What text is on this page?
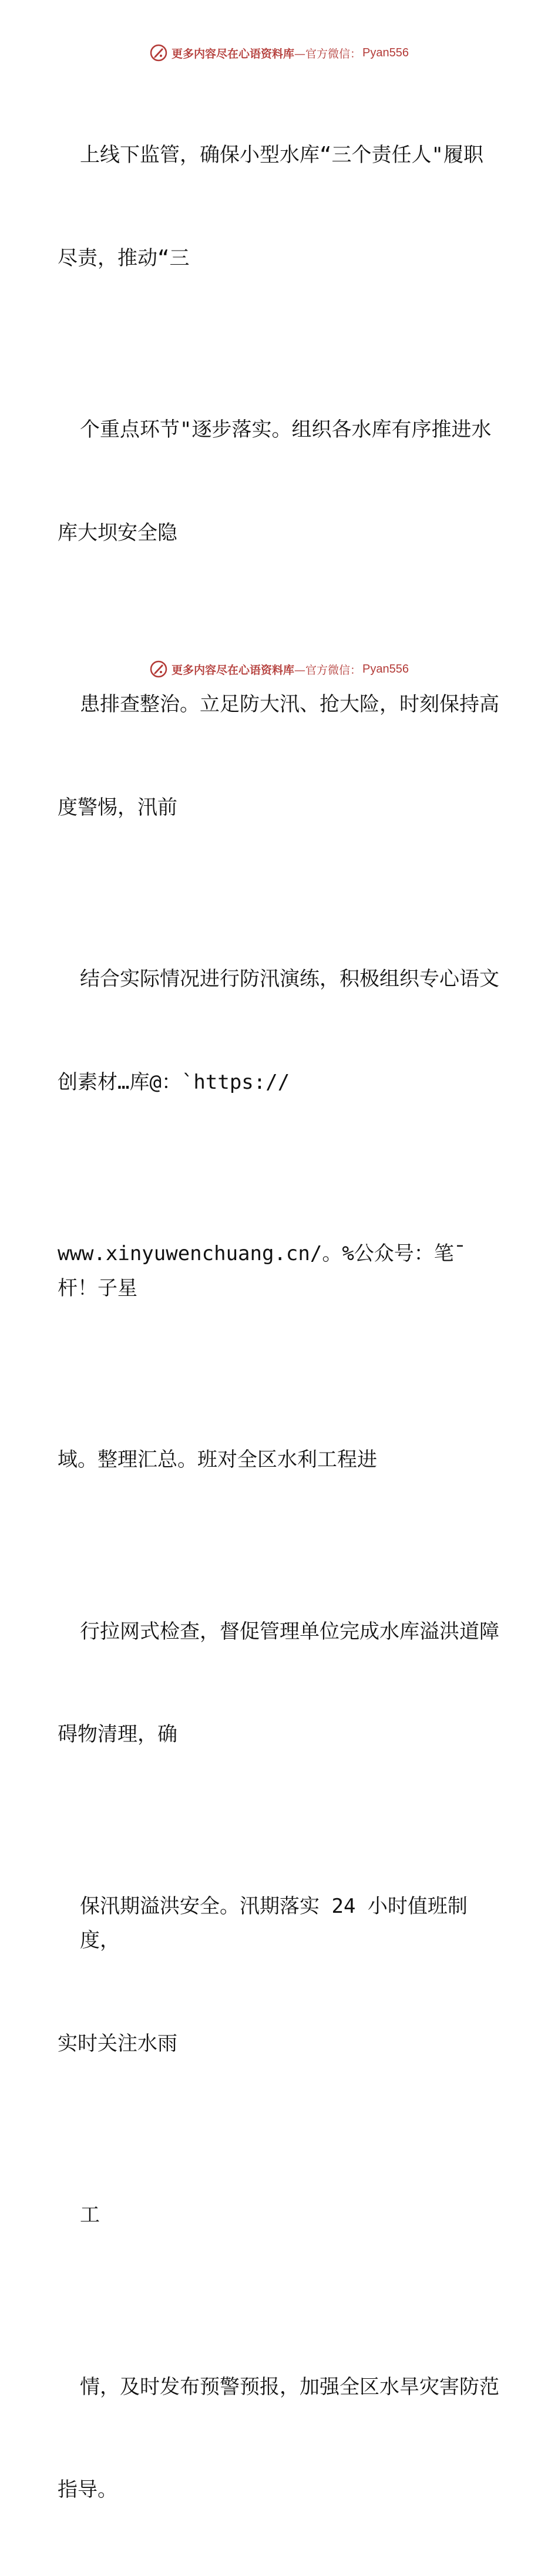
更多内容尽在心语资料库 —官方微信： Pyan556

上线下监管，确保小型水库“三个责任人"履职

尽责，推动“三

个重点环节"逐步落实。组织各水库有序推进水

库大坝安全隐

患排查整治。立足防大汛、抢大险，时刻保持高

度警惕，汛前

结合实际情况进行防汛演练，积极组织专心语文

创素材…库@：`https://

www.xinyuwenchuang.cn/。%公众号：笔¯杆！子星

域。整理汇总。班对全区水利工程进

行拉网式检查，督促管理单位完成水库溢洪道障

碍物清理，确

保汛期溢洪安全。汛期落实 24 小时值班制度，

实时关注水雨

工

情，及时发布预警预报，加强全区水旱灾害防范

指导。

更多内容尽在心语资料库 —官方微信： Pyan556
